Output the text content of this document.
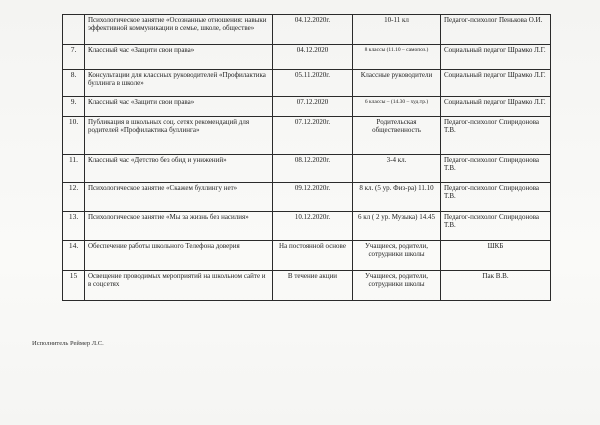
	Психологическое занятие «Осознанные отношения: навыки эффективной коммуникации в семье, школе, обществе»	04.12.2020г.	10-11 кл	Педагог-психолог Пенькова О.И.
7.	Классный час «Защити свои права»	04.12.2020	8 классы (11.10 – самопоз.)	Социальный педагог Шрамко Л.Г.
8.	Консультации для классных руководителей «Профилактика буллинга в школе»	05.11.2020г.	Классные руководители	Социальный педагог Шрамко Л.Г.
9.	Классный час «Защити свои права»	07.12.2020	6 классы – (14.30 – худ.тр.)	Социальный педагог Шрамко Л.Г.
10.	Публикация в школьных соц. сетях рекомендаций для родителей «Профилактика буллинга»	07.12.2020г.	Родительская общественность	Педагог-психолог Спиридонова Т.В.
11.	Классный час «Детство без обид и унижений»	08.12.2020г.	3-4 кл.	Педагог-психолог Спиридонова Т.В.
12.	Психологическое занятие «Скажем буллингу нет»	09.12.2020г.	8 кл. (5 ур. Физ-ра) 11.10	Педагог-психолог Спиридонова Т.В.
13.	Психологическое занятие «Мы за жизнь без насилия»	10.12.2020г.	6 кл ( 2 ур. Музыка) 14.45	Педагог-психолог Спиридонова Т.В.
14.	Обеспечение работы школьного Телефона доверия	На постоянной основе	Учащиеся, родители, сотрудники школы	ШКБ
15	Освещение проводимых мероприятий на школьном сайте и в соцсетях	В течение акции	Учащиеся, родители, сотрудники школы	Пак В.В.
Исполнитель Реймер Л.С.
